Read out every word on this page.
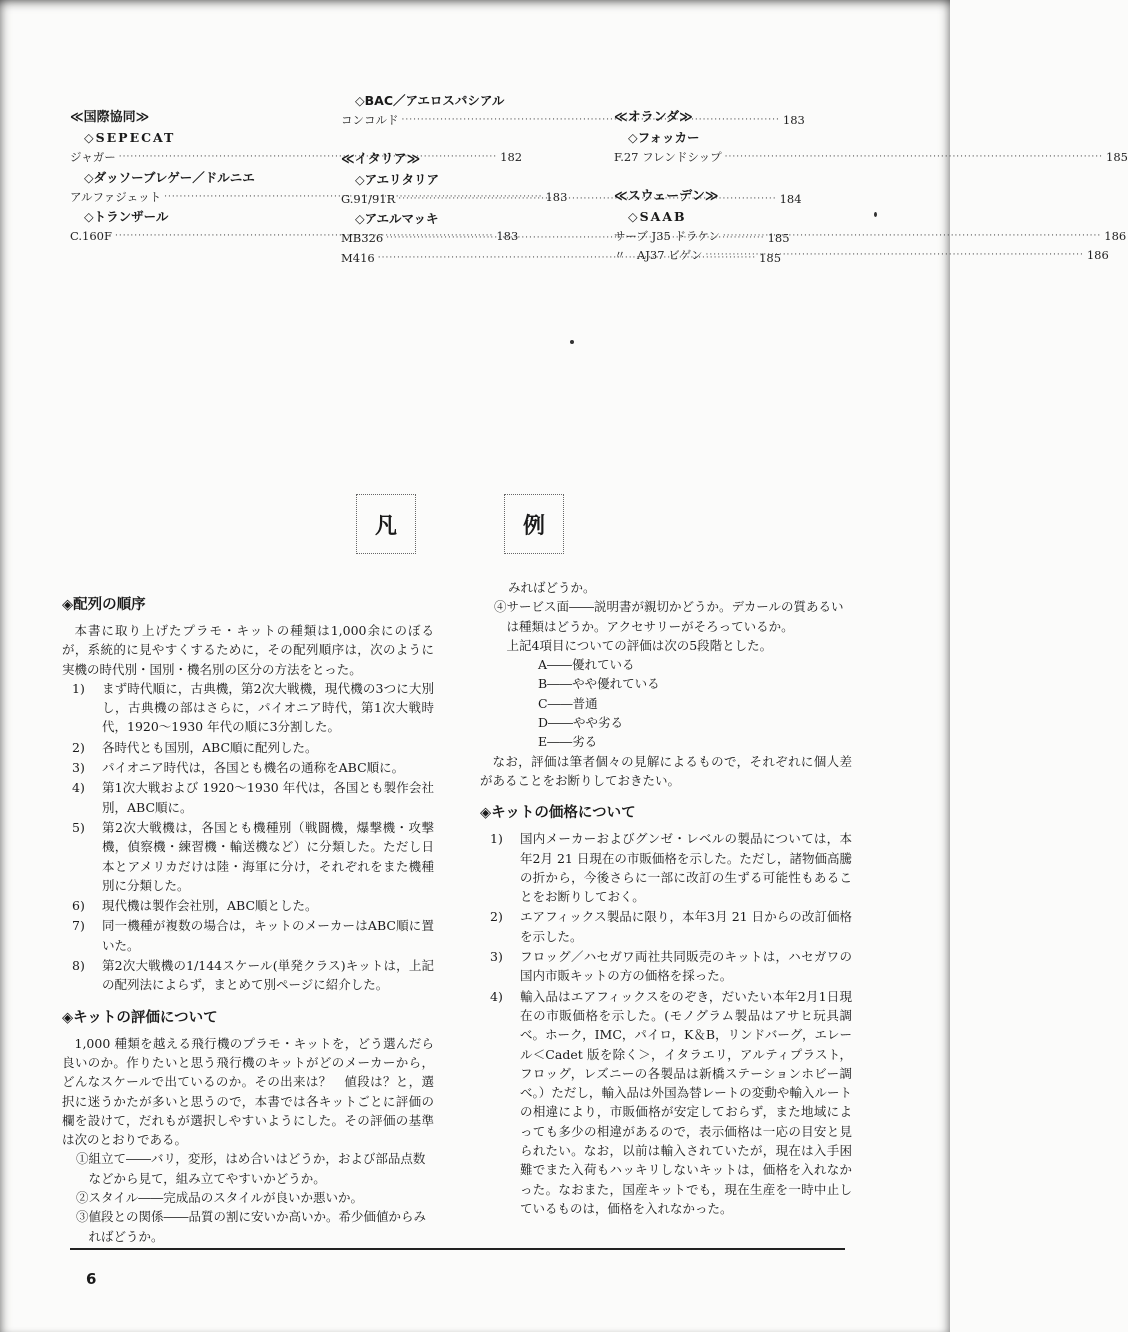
≪国際協同≫
◇SEPECAT
ジャガー ·····	182
◇ダッソーブレゲー／ドルニエ
アルファジェット ·····	183
◇トランザール
C.160F ·····	183
◇BAC／アエロスパシアル
コンコルド ·····	183
≪イタリア≫
◇アエリタリア
G.91/91R ·····	184
◇アエルマッキ
MB326 ·····	185
M416 ·····	185
≪オランダ≫
◇フォッカー
F.27 フレンドシップ ·····	185
≪スウェーデン≫
◇SAAB
サーブ J35 ドラケン ·····	186
〃　AJ37 ビゲン ·····	186
凡	例
◈配列の順序

本書に取り上げたプラモ・キットの種類は1,000余にのぼるが，系統的に見やすくするために，その配列順序は，次のように実機の時代別・国別・機名別の区分の方法をとった。

1)	まず時代順に，古典機，第2次大戦機，現代機の3つに大別し，古典機の部はさらに，パイオニア時代，第1次大戦時代，1920～1930 年代の順に3分割した。
2)	各時代とも国別，ABC順に配列した。
3)	パイオニア時代は，各国とも機名の通称をABC順に。
4)	第1次大戦および 1920～1930 年代は，各国とも製作会社別，ABC順に。
5)	第2次大戦機は，各国とも機種別（戦闘機，爆撃機・攻撃機，偵察機・練習機・輸送機など）に分類した。ただし日本とアメリカだけは陸・海軍に分け，それぞれをまた機種別に分類した。
6)	現代機は製作会社別，ABC順とした。
7)	同一機種が複数の場合は，キットのメーカーはABC順に置いた。
8)	第2次大戦機の1/144スケール(単発クラス)キットは，上記の配列法によらず，まとめて別ページに紹介した。
◈キットの評価について

1,000 種類を越える飛行機のプラモ・キットを，どう選んだら良いのか。作りたいと思う飛行機のキットがどのメーカーから，どんなスケールで出ているのか。その出来は？　値段は？と，選択に迷うかたが多いと思うので，本書では各キットごとに評価の欄を設けて，だれもが選択しやすいようにした。その評価の基準は次のとおりである。

①組立て――バリ，変形，はめ合いはどうか，および部品点数などから見て，組み立てやすいかどうか。
②スタイル――完成品のスタイルが良いか悪いか。
③値段との関係――品質の割に安いか高いか。希少価値からみればどうか。
みればどうか。
④サービス面――説明書が親切かどうか。デカールの質あるいは種類はどうか。アクセサリーがそろっているか。
上記4項目についての評価は次の5段階とした。
A――優れている
B――やや優れている
C――普通
D――やや劣る
E――劣る

なお，評価は筆者個々の見解によるもので，それぞれに個人差があることをお断りしておきたい。

◈キットの価格について
1)	国内メーカーおよびグンゼ・レベルの製品については，本年2月 21 日現在の市販価格を示した。ただし，諸物価高騰の折から，今後さらに一部に改訂の生ずる可能性もあることをお断りしておく。
2)	エアフィックス製品に限り，本年3月 21 日からの改訂価格を示した。
3)	フロッグ／ハセガワ両社共同販売のキットは，ハセガワの国内市販キットの方の価格を採った。
4)	輸入品はエアフィックスをのぞき，だいたい本年2月1日現在の市販価格を示した。(モノグラム製品はアサヒ玩具調べ。ホーク，IMC，パイロ，K＆B，リンドバーグ，エレール＜Cadet 版を除く＞，イタラエリ，アルティプラスト，フロッグ，レズニーの各製品は新橋ステーションホビー調べ。）ただし，輸入品は外国為替レートの変動や輸入ルートの相違により，市販価格が安定しておらず，また地域によっても多少の相違があるので，表示価格は一応の目安と見られたい。なお，以前は輸入されていたが，現在は入手困難でまた入荷もハッキリしないキットは，価格を入れなかった。なおまた，国産キットでも，現在生産を一時中止しているものは，価格を入れなかった。
6
